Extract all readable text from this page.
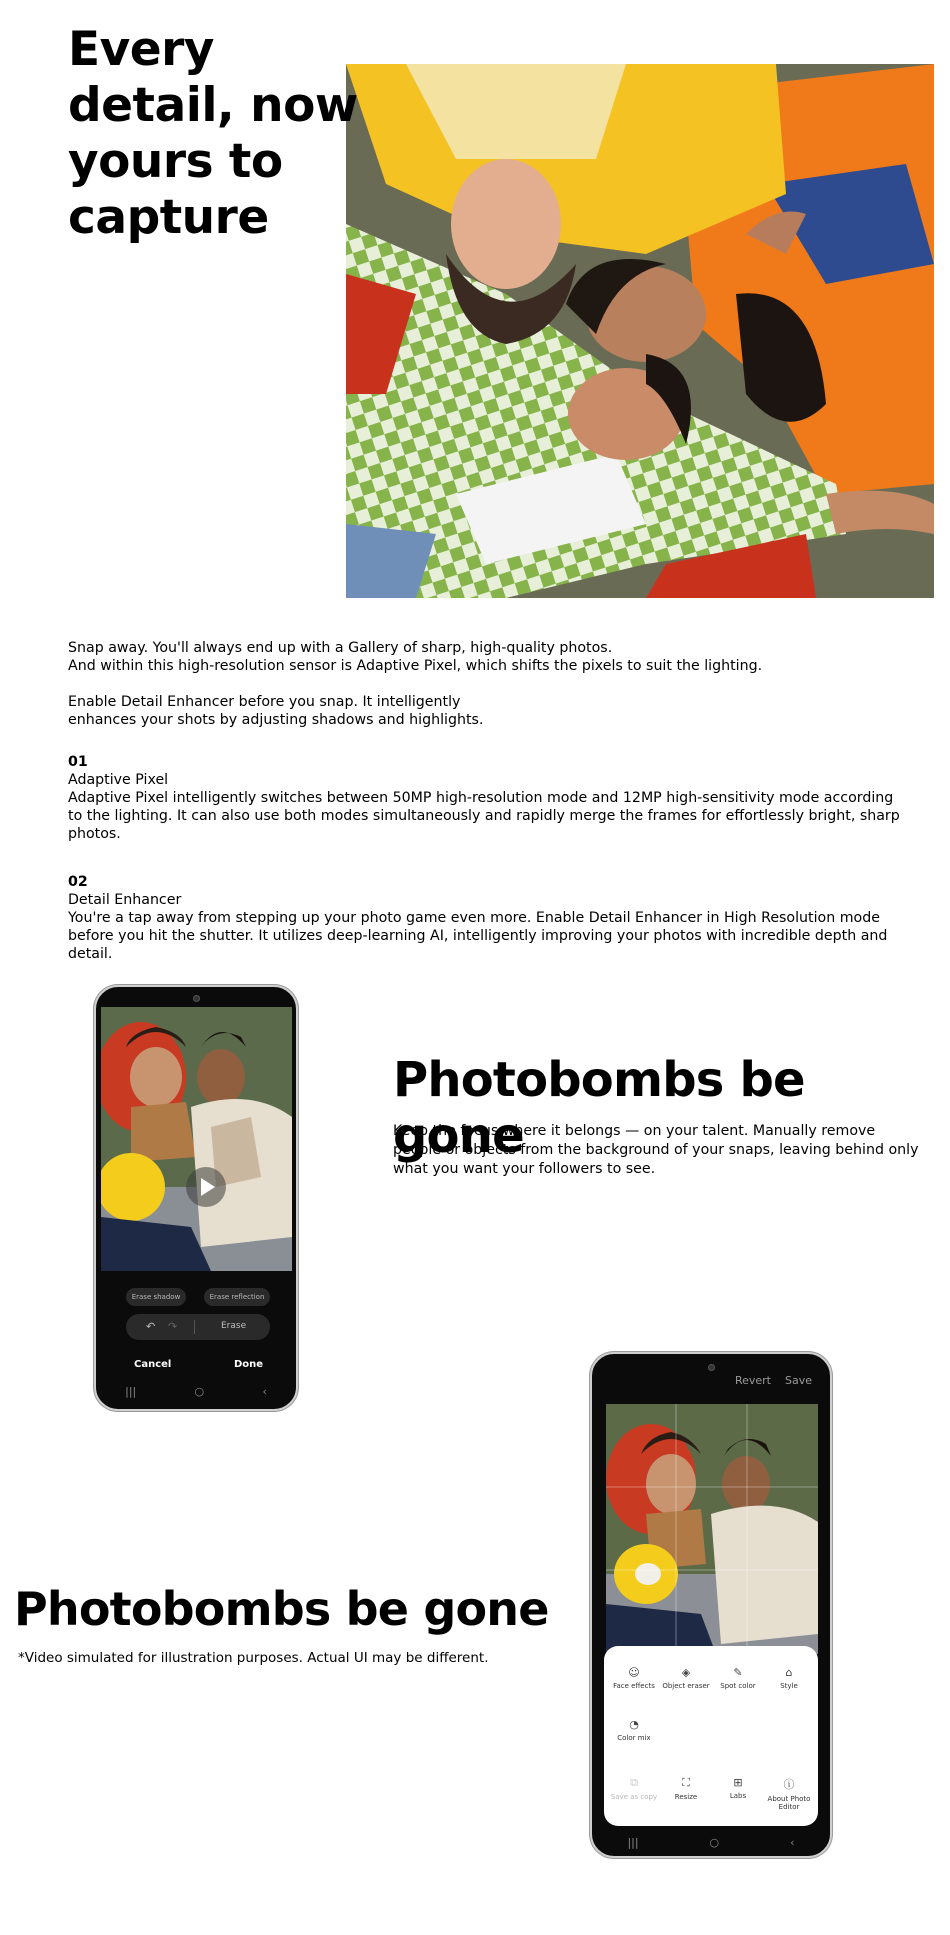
Every detail, now yours to capture

Snap away. You'll always end up with a Gallery of sharp, high-quality photos.
And within this high-resolution sensor is Adaptive Pixel, which shifts the pixels to suit the lighting.

Enable Detail Enhancer before you snap. It intelligently
enhances your shots by adjusting shadows and highlights.

01
Adaptive Pixel
Adaptive Pixel intelligently switches between 50MP high-resolution mode and 12MP high-sensitivity mode according to the lighting. It can also use both modes simultaneously and rapidly merge the frames for effortlessly bright, sharp photos.
02
Detail Enhancer
You're a tap away from stepping up your photo game even more. Enable Detail Enhancer in High Resolution mode before you hit the shutter. It utilizes deep-learning AI, intelligently improving your photos with incredible depth and detail.
Erase shadow	Erase reflection
↶ ↷	Erase
Cancel	Done
|||	○	‹
Photobombs be gone
Keep the focus where it belongs — on your talent. Manually remove people or objects from the background of your snaps, leaving behind only what you want your followers to see.
Photobombs be gone
*Video simulated for illustration purposes. Actual UI may be different.
Revert Save
☺
Face effects
◈
Object eraser
✎
Spot color
⌂
Style
◔
Color mix
⧉
Save as copy
⛶
Resize
⊞
Labs
ⓘ
About Photo Editor
|||	○	‹
